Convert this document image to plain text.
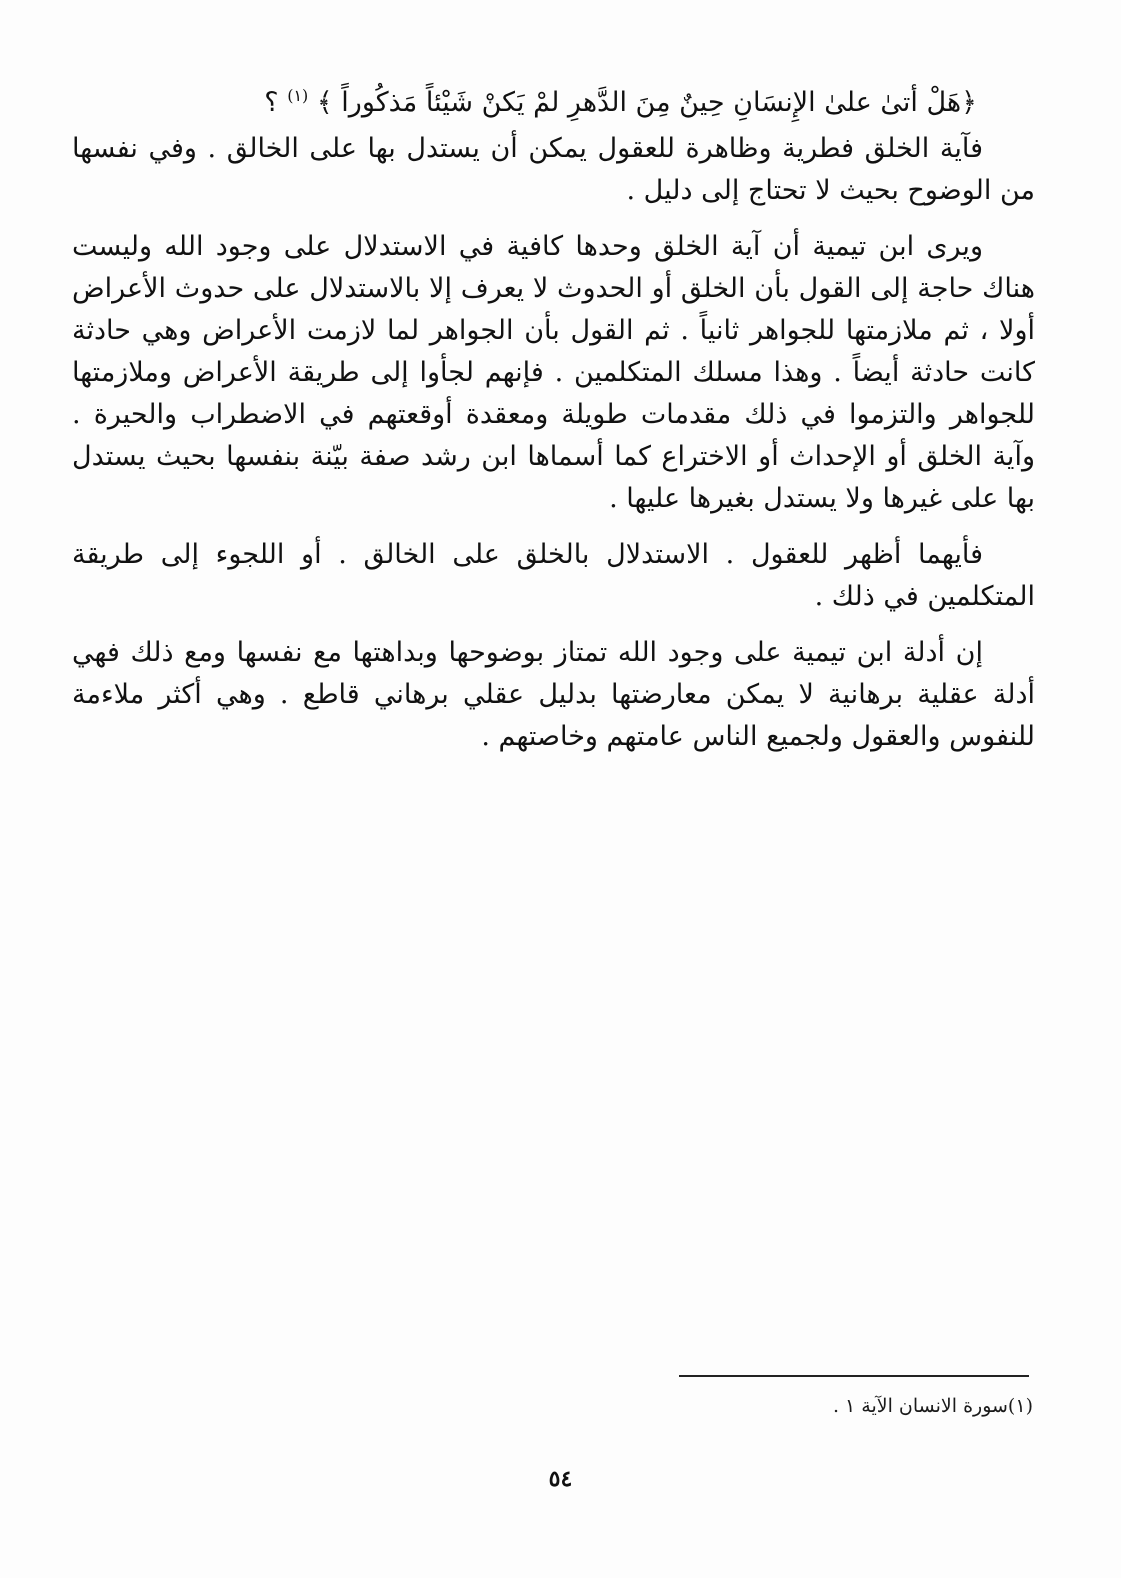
﴿هَلْ أتىٰ علىٰ الإِنسَانِ حِينٌ مِنَ الدَّهرِ لمْ يَكنْ شَيْئاً مَذكُوراً ﴾ $^{(١)}$ ؟

فآية الخلق فطرية وظاهرة للعقول يمكن أن يستدل بها على الخالق . وفي نفسها من الوضوح بحيث لا تحتاج إلى دليل .

ويرى ابن تيمية أن آية الخلق وحدها كافية في الاستدلال على وجود الله وليست هناك حاجة إلى القول بأن الخلق أو الحدوث لا يعرف إلا بالاستدلال على حدوث الأعراض أولا ، ثم ملازمتها للجواهر ثانياً . ثم القول بأن الجواهر لما لازمت الأعراض وهي حادثة كانت حادثة أيضاً . وهذا مسلك المتكلمين . فإنهم لجأوا إلى طريقة الأعراض وملازمتها للجواهر والتزموا في ذلك مقدمات طويلة ومعقدة أوقعتهم في الاضطراب والحيرة . وآية الخلق أو الإحداث أو الاختراع كما أسماها ابن رشد صفة بيّنة بنفسها بحيث يستدل بها على غيرها ولا يستدل بغيرها عليها .

فأيهما أظهر للعقول . الاستدلال بالخلق على الخالق . أو اللجوء إلى طريقة المتكلمين في ذلك .

إن أدلة ابن تيمية على وجود الله تمتاز بوضوحها وبداهتها مع نفسها ومع ذلك فهي أدلة عقلية برهانية لا يمكن معارضتها بدليل عقلي برهاني قاطع . وهي أكثر ملاءمة للنفوس والعقول ولجميع الناس عامتهم وخاصتهم .

(١)سورة الانسان الآية ١ .
٥٤
